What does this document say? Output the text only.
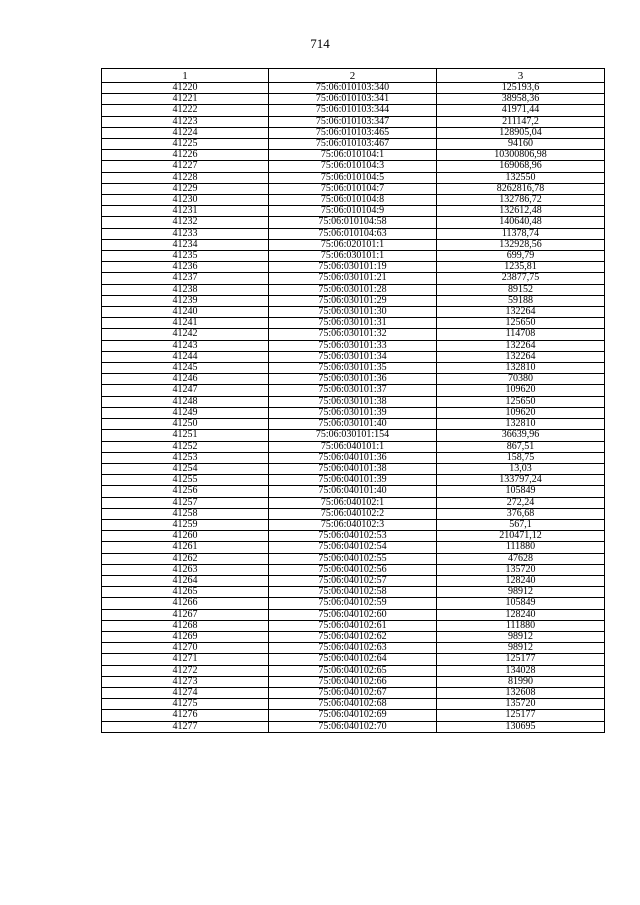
714
1	2	3
41220	75:06:010103:340	125193,6
41221	75:06:010103:341	38958,36
41222	75:06:010103:344	41971,44
41223	75:06:010103:347	211147,2
41224	75:06:010103:465	128905,04
41225	75:06:010103:467	94160
41226	75:06:010104:1	10300806,98
41227	75:06:010104:3	169068,96
41228	75:06:010104:5	132550
41229	75:06:010104:7	8262816,78
41230	75:06:010104:8	132786,72
41231	75:06:010104:9	132612,48
41232	75:06:010104:58	140640,48
41233	75:06:010104:63	11378,74
41234	75:06:020101:1	132928,56
41235	75:06:030101:1	699,79
41236	75:06:030101:19	1235,81
41237	75:06:030101:21	23877,75
41238	75:06:030101:28	89152
41239	75:06:030101:29	59188
41240	75:06:030101:30	132264
41241	75:06:030101:31	125650
41242	75:06:030101:32	114708
41243	75:06:030101:33	132264
41244	75:06:030101:34	132264
41245	75:06:030101:35	132810
41246	75:06:030101:36	70380
41247	75:06:030101:37	109620
41248	75:06:030101:38	125650
41249	75:06:030101:39	109620
41250	75:06:030101:40	132810
41251	75:06:030101:154	36639,96
41252	75:06:040101:1	867,51
41253	75:06:040101:36	158,75
41254	75:06:040101:38	13,03
41255	75:06:040101:39	133797,24
41256	75:06:040101:40	105849
41257	75:06:040102:1	272,24
41258	75:06:040102:2	376,68
41259	75:06:040102:3	567,1
41260	75:06:040102:53	210471,12
41261	75:06:040102:54	111880
41262	75:06:040102:55	47628
41263	75:06:040102:56	135720
41264	75:06:040102:57	128240
41265	75:06:040102:58	98912
41266	75:06:040102:59	105849
41267	75:06:040102:60	128240
41268	75:06:040102:61	111880
41269	75:06:040102:62	98912
41270	75:06:040102:63	98912
41271	75:06:040102:64	125177
41272	75:06:040102:65	134028
41273	75:06:040102:66	81990
41274	75:06:040102:67	132608
41275	75:06:040102:68	135720
41276	75:06:040102:69	125177
41277	75:06:040102:70	130695
